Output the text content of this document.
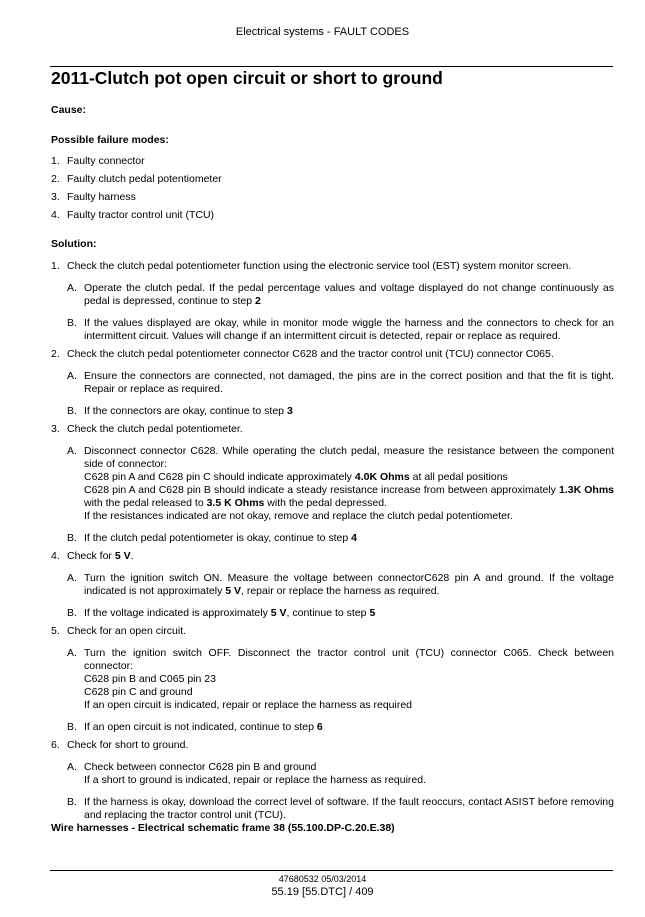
Electrical systems - FAULT CODES
2011-Clutch pot open circuit or short to ground

Cause:

Possible failure modes:

1. Faulty connector
2. Faulty clutch pedal potentiometer
3. Faulty harness
4. Faulty tractor control unit (TCU)

Solution:

1. Check the clutch pedal potentiometer function using the electronic service tool (EST) system monitor screen.
A. Operate the clutch pedal. If the pedal percentage values and voltage displayed do not change continuously as pedal is depressed, continue to step 2
B. If the values displayed are okay, while in monitor mode wiggle the harness and the connectors to check for an intermittent circuit. Values will change if an intermittent circuit is detected, repair or replace as required.
2. Check the clutch pedal potentiometer connector C628 and the tractor control unit (TCU) connector C065.
A. Ensure the connectors are connected, not damaged, the pins are in the correct position and that the fit is tight. Repair or replace as required.
B. If the connectors are okay, continue to step 3
3. Check the clutch pedal potentiometer.
A. Disconnect connector C628. While operating the clutch pedal, measure the resistance between the component side of connector:
C628 pin A and C628 pin C should indicate approximately 4.0K Ohms at all pedal positions
C628 pin A and C628 pin B should indicate a steady resistance increase from between approximately 1.3K Ohms with the pedal released to 3.5 K Ohms with the pedal depressed.
If the resistances indicated are not okay, remove and replace the clutch pedal potentiometer.
B. If the clutch pedal potentiometer is okay, continue to step 4
4. Check for 5 V.
A. Turn the ignition switch ON. Measure the voltage between connectorC628 pin A and ground. If the voltage indicated is not approximately 5 V, repair or replace the harness as required.
B. If the voltage indicated is approximately 5 V, continue to step 5
5. Check for an open circuit.
A. Turn the ignition switch OFF. Disconnect the tractor control unit (TCU) connector C065. Check between connector:
C628 pin B and C065 pin 23
C628 pin C and ground
If an open circuit is indicated, repair or replace the harness as required
B. If an open circuit is not indicated, continue to step 6
6. Check for short to ground.
A. Check between connector C628 pin B and ground
If a short to ground is indicated, repair or replace the harness as required.
B. If the harness is okay, download the correct level of software. If the fault reoccurs, contact ASIST before removing and replacing the tractor control unit (TCU).
Wire harnesses - Electrical schematic frame 38 (55.100.DP-C.20.E.38)
47680532 05/03/2014
55.19 [55.DTC] / 409
